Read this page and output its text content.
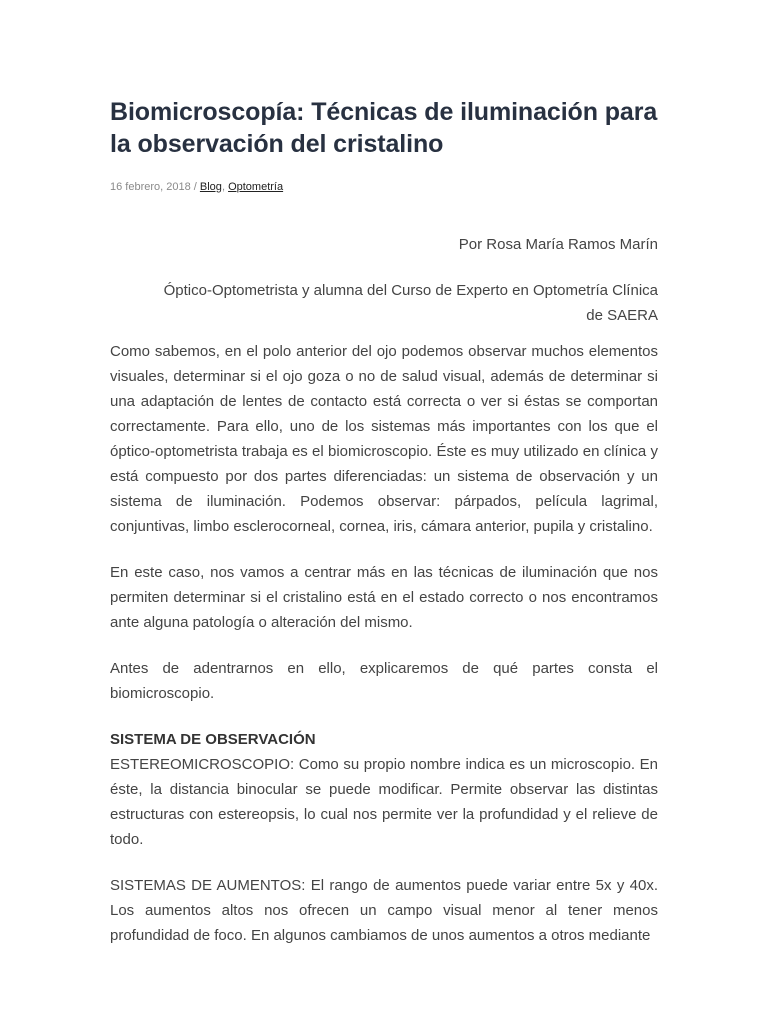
Biomicroscopía: Técnicas de iluminación para la observación del cristalino
16 febrero, 2018 / Blog, Optometría
Por Rosa María Ramos Marín
Óptico-Optometrista y alumna del Curso de Experto en Optometría Clínica de SAERA

Como sabemos, en el polo anterior del ojo podemos observar muchos elementos visuales, determinar si el ojo goza o no de salud visual, además de determinar si una adaptación de lentes de contacto está correcta o ver si éstas se comportan correctamente. Para ello, uno de los sistemas más importantes con los que el óptico-optometrista trabaja es el biomicroscopio. Éste es muy utilizado en clínica y está compuesto por dos partes diferenciadas: un sistema de observación y un sistema de iluminación. Podemos observar: párpados, película lagrimal, conjuntivas, limbo esclerocorneal, cornea, iris, cámara anterior, pupila y cristalino.

En este caso, nos vamos a centrar más en las técnicas de iluminación que nos permiten determinar si el cristalino está en el estado correcto o nos encontramos ante alguna patología o alteración del mismo.

Antes de adentrarnos en ello, explicaremos de qué partes consta el biomicroscopio.

SISTEMA DE OBSERVACIÓN

ESTEREOMICROSCOPIO: Como su propio nombre indica es un microscopio. En éste, la distancia binocular se puede modificar. Permite observar las distintas estructuras con estereopsis, lo cual nos permite ver la profundidad y el relieve de todo.

SISTEMAS DE AUMENTOS: El rango de aumentos puede variar entre 5x y 40x. Los aumentos altos nos ofrecen un campo visual menor al tener menos profundidad de foco. En algunos cambiamos de unos aumentos a otros mediante
